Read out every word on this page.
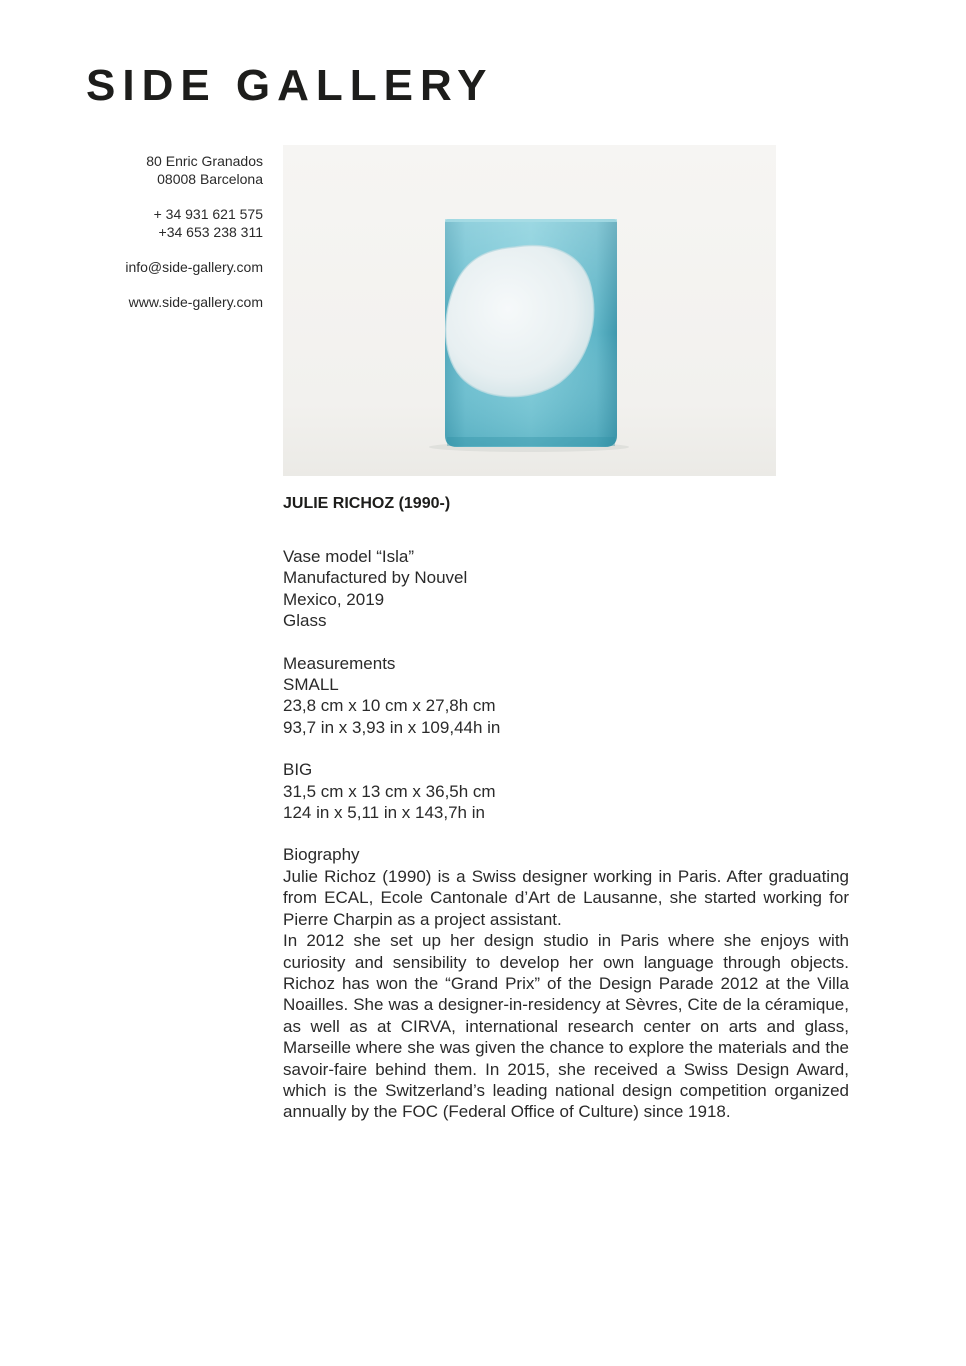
SIDE GALLERY
80 Enric Granados
08008 Barcelona
+ 34 931 621 575
+34 653 238 311
info@side-gallery.com
www.side-gallery.com
JULIE RICHOZ (1990-)
Vase model “Isla”
Manufactured by Nouvel
Mexico, 2019
Glass
Measurements
SMALL
23,8 cm x 10 cm x 27,8h cm
93,7 in x 3,93 in x 109,44h in
BIG
31,5 cm x 13 cm x 36,5h cm
124 in x 5,11 in x 143,7h in
Biography

Julie Richoz (1990) is a Swiss designer working in Paris. After graduating from ECAL, Ecole Cantonale d’Art de Lausanne, she started working for Pierre Charpin as a project assistant.

In 2012 she set up her design studio in Paris where she enjoys with curiosity and sensibility to develop her own language through objects. Richoz has won the “Grand Prix” of the Design Parade 2012 at the Villa Noailles. She was a designer-in-residency at Sèvres, Cite de la céramique, as well as at CIRVA, international research center on arts and glass, Marseille where she was given the chance to explore the materials and the savoir-faire behind them. In 2015, she received a Swiss Design Award, which is the Switzerland’s leading national design competition organized annually by the FOC (Federal Office of Culture) since 1918.
